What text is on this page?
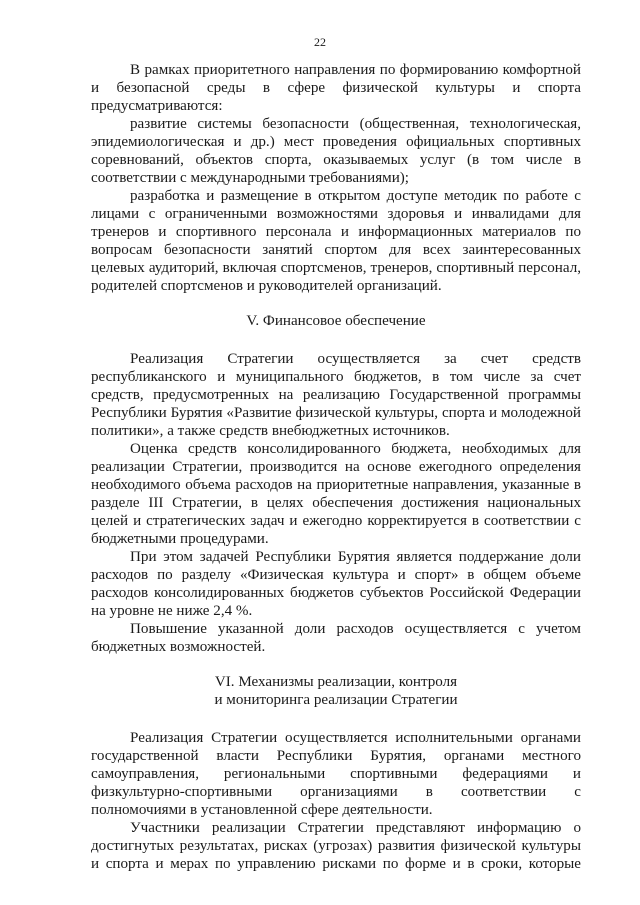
22

В рамках приоритетного направления по формированию комфортной и безопасной среды в сфере физической культуры и спорта предусматриваются:

развитие системы безопасности (общественная, технологическая, эпидемиологическая и др.) мест проведения официальных спортивных соревнований, объектов спорта, оказываемых услуг (в том числе в соответствии с международными требованиями);

разработка и размещение в открытом доступе методик по работе с лицами с ограниченными возможностями здоровья и инвалидами для тренеров и спортивного персонала и информационных материалов по вопросам безопасности занятий спортом для всех заинтересованных целевых аудиторий, включая спортсменов, тренеров, спортивный персонал, родителей спортсменов и руководителей организаций.

V. Финансовое обеспечение

Реализация Стратегии осуществляется за счет средств республиканского и муниципального бюджетов, в том числе за счет средств, предусмотренных на реализацию Государственной программы Республики Бурятия «Развитие физической культуры, спорта и молодежной политики», а также средств внебюджетных источников.

Оценка средств консолидированного бюджета, необходимых для реализации Стратегии, производится на основе ежегодного определения необходимого объема расходов на приоритетные направления, указанные в разделе III Стратегии, в целях обеспечения достижения национальных целей и стратегических задач и ежегодно корректируется в соответствии с бюджетными процедурами.

При этом задачей Республики Бурятия является поддержание доли расходов по разделу «Физическая культура и спорт» в общем объеме расходов консолидированных бюджетов субъектов Российской Федерации на уровне не ниже 2,4 %.

Повышение указанной доли расходов осуществляется с учетом бюджетных возможностей.

VI. Механизмы реализации, контроля
и мониторинга реализации Стратегии

Реализация Стратегии осуществляется исполнительными органами государственной власти Республики Бурятия, органами местного самоуправления, региональными спортивными федерациями и физкультурно-спортивными организациями в соответствии с полномочиями в установленной сфере деятельности.

Участники реализации Стратегии представляют информацию о достигнутых результатах, рисках (угрозах) развития физической культуры и спорта и мерах по управлению рисками по форме и в сроки, которые
